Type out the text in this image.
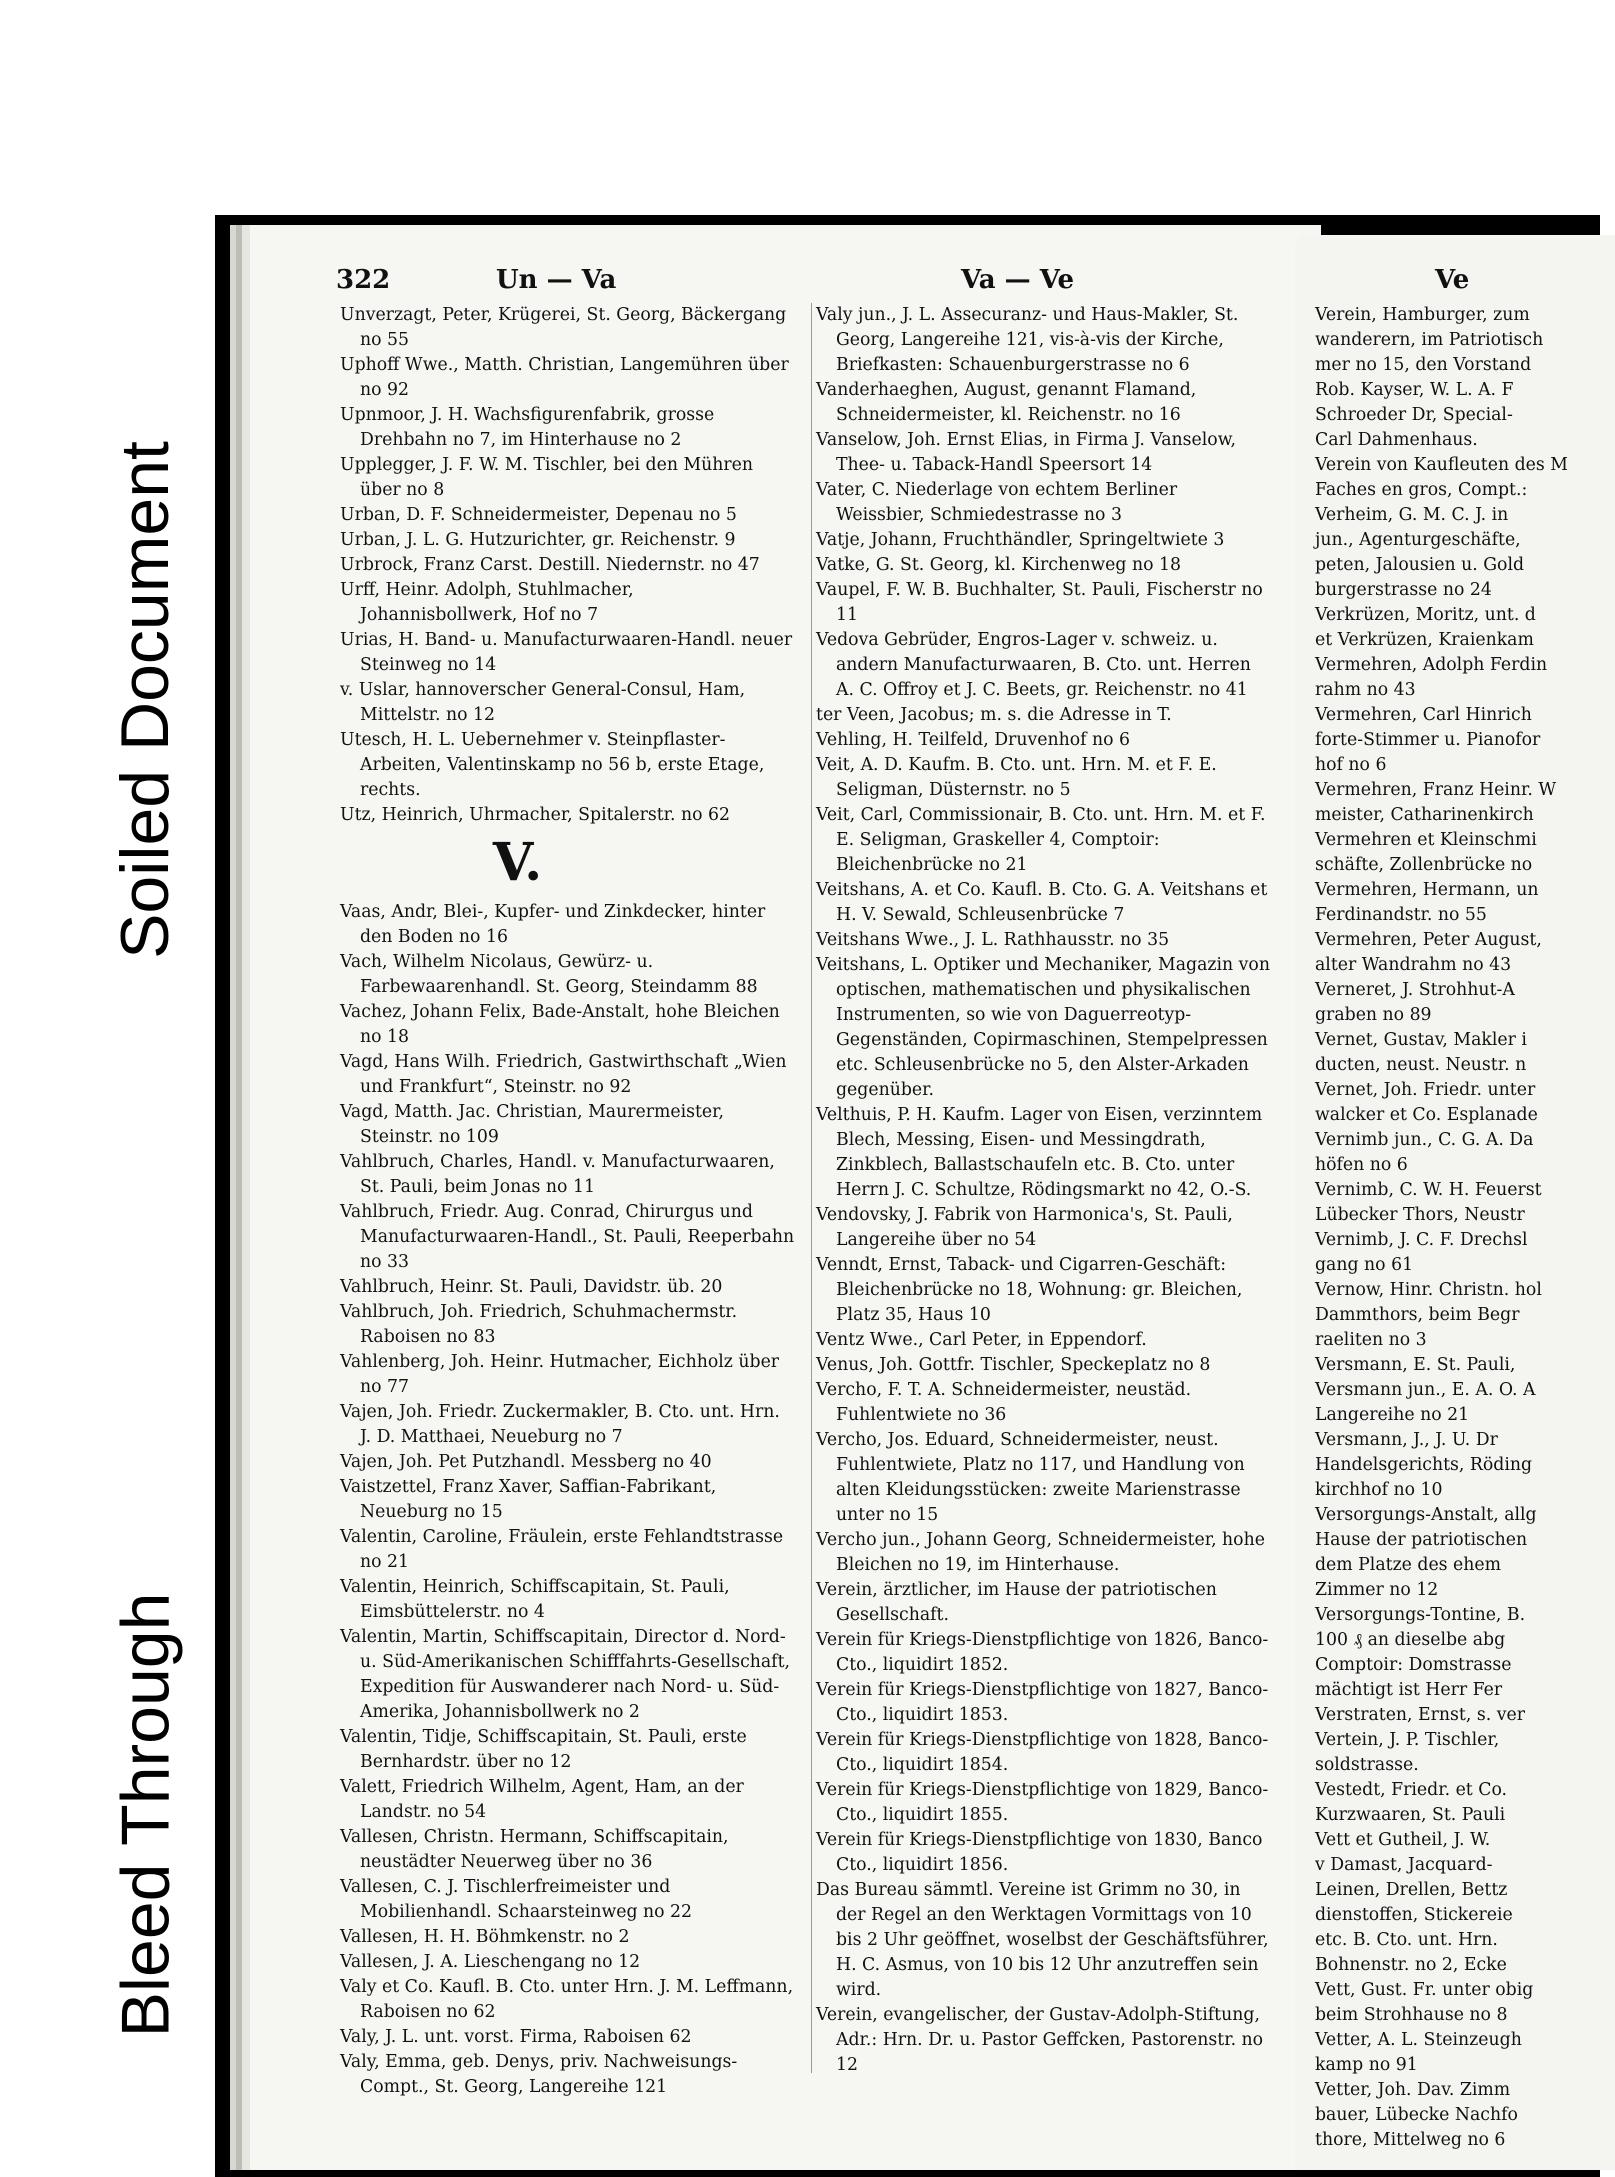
Soiled Document
Bleed Through
322	Un — Va	Va — Ve

Unverzagt, Peter, Krügerei, St. Georg, Bäckergang no 55

Uphoff Wwe., Matth. Christian, Langemühren über no 92

Upnmoor, J. H. Wachsfigurenfabrik, grosse Drehbahn no 7, im Hinterhause no 2

Upplegger, J. F. W. M. Tischler, bei den Mühren über no 8

Urban, D. F. Schneidermeister, Depenau no 5

Urban, J. L. G. Hutzurichter, gr. Reichenstr. 9

Urbrock, Franz Carst. Destill. Niedernstr. no 47

Urff, Heinr. Adolph, Stuhlmacher, Johannisbollwerk, Hof no 7

Urias, H. Band- u. Manufacturwaaren-Handl. neuer Steinweg no 14

v. Uslar, hannoverscher General-Consul, Ham, Mittelstr. no 12

Utesch, H. L. Uebernehmer v. Steinpflaster-Arbeiten, Valentinskamp no 56 b, erste Etage, rechts.

Utz, Heinrich, Uhrmacher, Spitalerstr. no 62

V.

Vaas, Andr, Blei-, Kupfer- und Zinkdecker, hinter den Boden no 16

Vach, Wilhelm Nicolaus, Gewürz- u. Farbewaarenhandl. St. Georg, Steindamm 88

Vachez, Johann Felix, Bade-Anstalt, hohe Bleichen no 18

Vagd, Hans Wilh. Friedrich, Gastwirthschaft „Wien und Frankfurt“, Steinstr. no 92

Vagd, Matth. Jac. Christian, Maurermeister, Steinstr. no 109

Vahlbruch, Charles, Handl. v. Manufacturwaaren, St. Pauli, beim Jonas no 11

Vahlbruch, Friedr. Aug. Conrad, Chirurgus und Manufacturwaaren-Handl., St. Pauli, Reeperbahn no 33

Vahlbruch, Heinr. St. Pauli, Davidstr. üb. 20

Vahlbruch, Joh. Friedrich, Schuhmachermstr. Raboisen no 83

Vahlenberg, Joh. Heinr. Hutmacher, Eichholz über no 77

Vajen, Joh. Friedr. Zuckermakler, B. Cto. unt. Hrn. J. D. Matthaei, Neueburg no 7

Vajen, Joh. Pet Putzhandl. Messberg no 40

Vaistzettel, Franz Xaver, Saffian-Fabrikant, Neueburg no 15

Valentin, Caroline, Fräulein, erste Fehlandtstrasse no 21

Valentin, Heinrich, Schiffscapitain, St. Pauli, Eimsbüttelerstr. no 4

Valentin, Martin, Schiffscapitain, Director d. Nord- u. Süd-Amerikanischen Schifffahrts-Gesellschaft, Expedition für Auswanderer nach Nord- u. Süd-Amerika, Johannisbollwerk no 2

Valentin, Tidje, Schiffscapitain, St. Pauli, erste Bernhardstr. über no 12

Valett, Friedrich Wilhelm, Agent, Ham, an der Landstr. no 54

Vallesen, Christn. Hermann, Schiffscapitain, neustädter Neuerweg über no 36

Vallesen, C. J. Tischlerfreimeister und Mobilienhandl. Schaarsteinweg no 22

Vallesen, H. H. Böhmkenstr. no 2

Vallesen, J. A. Lieschengang no 12

Valy et Co. Kaufl. B. Cto. unter Hrn. J. M. Leffmann, Raboisen no 62

Valy, J. L. unt. vorst. Firma, Raboisen 62

Valy, Emma, geb. Denys, priv. Nachweisungs-Compt., St. Georg, Langereihe 121

Valy jun., J. L. Assecuranz- und Haus-Makler, St. Georg, Langereihe 121, vis-à-vis der Kirche, Briefkasten: Schauenburgerstrasse no 6

Vanderhaeghen, August, genannt Flamand, Schneidermeister, kl. Reichenstr. no 16

Vanselow, Joh. Ernst Elias, in Firma J. Vanselow, Thee- u. Taback-Handl Speersort 14

Vater, C. Niederlage von echtem Berliner Weissbier, Schmiedestrasse no 3

Vatje, Johann, Fruchthändler, Springeltwiete 3

Vatke, G. St. Georg, kl. Kirchenweg no 18

Vaupel, F. W. B. Buchhalter, St. Pauli, Fischerstr no 11

Vedova Gebrüder, Engros-Lager v. schweiz. u. andern Manufacturwaaren, B. Cto. unt. Herren A. C. Offroy et J. C. Beets, gr. Reichenstr. no 41

ter Veen, Jacobus; m. s. die Adresse in T.

Vehling, H. Teilfeld, Druvenhof no 6

Veit, A. D. Kaufm. B. Cto. unt. Hrn. M. et F. E. Seligman, Düsternstr. no 5

Veit, Carl, Commissionair, B. Cto. unt. Hrn. M. et F. E. Seligman, Graskeller 4, Comptoir: Bleichenbrücke no 21

Veitshans, A. et Co. Kaufl. B. Cto. G. A. Veitshans et H. V. Sewald, Schleusenbrücke 7

Veitshans Wwe., J. L. Rathhausstr. no 35

Veitshans, L. Optiker und Mechaniker, Magazin von optischen, mathematischen und physikalischen Instrumenten, so wie von Daguerreotyp-Gegenständen, Copirmaschinen, Stempelpressen etc. Schleusenbrücke no 5, den Alster-Arkaden gegenüber.

Velthuis, P. H. Kaufm. Lager von Eisen, verzinntem Blech, Messing, Eisen- und Messingdrath, Zinkblech, Ballastschaufeln etc. B. Cto. unter Herrn J. C. Schultze, Rödingsmarkt no 42, O.-S.

Vendovsky, J. Fabrik von Harmonica's, St. Pauli, Langereihe über no 54

Venndt, Ernst, Taback- und Cigarren-Geschäft: Bleichenbrücke no 18, Wohnung: gr. Bleichen, Platz 35, Haus 10

Ventz Wwe., Carl Peter, in Eppendorf.

Venus, Joh. Gottfr. Tischler, Speckeplatz no 8

Vercho, F. T. A. Schneidermeister, neustäd. Fuhlentwiete no 36

Vercho, Jos. Eduard, Schneidermeister, neust. Fuhlentwiete, Platz no 117, und Handlung von alten Kleidungsstücken: zweite Marienstrasse unter no 15

Vercho jun., Johann Georg, Schneidermeister, hohe Bleichen no 19, im Hinterhause.

Verein, ärztlicher, im Hause der patriotischen Gesellschaft.

Verein für Kriegs-Dienstpflichtige von 1826, Banco-Cto., liquidirt 1852.

Verein für Kriegs-Dienstpflichtige von 1827, Banco-Cto., liquidirt 1853.

Verein für Kriegs-Dienstpflichtige von 1828, Banco-Cto., liquidirt 1854.

Verein für Kriegs-Dienstpflichtige von 1829, Banco-Cto., liquidirt 1855.

Verein für Kriegs-Dienstpflichtige von 1830, Banco Cto., liquidirt 1856.

Das Bureau sämmtl. Vereine ist Grimm no 30, in der Regel an den Werktagen Vormittags von 10 bis 2 Uhr geöffnet, woselbst der Geschäftsführer, H. C. Asmus, von 10 bis 12 Uhr anzutreffen sein wird.

Verein, evangelischer, der Gustav-Adolph-Stiftung, Adr.: Hrn. Dr. u. Pastor Geffcken, Pastorenstr. no 12

Ve

Verein, Hamburger, zum

wanderern, im Patriotisch

mer no 15, den Vorstand

Rob. Kayser, W. L. A. F

Schroeder Dr, Special-

Carl Dahmenhaus.

Verein von Kaufleuten des M

Faches en gros, Compt.:

Verheim, G. M. C. J. in

jun., Agenturgeschäfte,

peten, Jalousien u. Gold

burgerstrasse no 24

Verkrüzen, Moritz, unt. d

et Verkrüzen, Kraienkam

Vermehren, Adolph Ferdin

rahm no 43

Vermehren, Carl Hinrich

forte-Stimmer u. Pianofor

hof no 6

Vermehren, Franz Heinr. W

meister, Catharinenkirch

Vermehren et Kleinschmi

schäfte, Zollenbrücke no

Vermehren, Hermann, un

Ferdinandstr. no 55

Vermehren, Peter August,

alter Wandrahm no 43

Verneret, J. Strohhut-A

graben no 89

Vernet, Gustav, Makler i

ducten, neust. Neustr. n

Vernet, Joh. Friedr. unter

walcker et Co. Esplanade

Vernimb jun., C. G. A. Da

höfen no 6

Vernimb, C. W. H. Feuerst

Lübecker Thors, Neustr

Vernimb, J. C. F. Drechsl

gang no 61

Vernow, Hinr. Christn. hol

Dammthors, beim Begr

raeliten no 3

Versmann, E. St. Pauli,

Versmann jun., E. A. O. A

Langereihe no 21

Versmann, J., J. U. Dr

Handelsgerichts, Röding

kirchhof no 10

Versorgungs-Anstalt, allg

Hause der patriotischen

dem Platze des ehem

Zimmer no 12

Versorgungs-Tontine, B.

100 ₰ an dieselbe abg

Comptoir: Domstrasse

mächtigt ist Herr Fer

Verstraten, Ernst, s. ver

Vertein, J. P. Tischler,

soldstrasse.

Vestedt, Friedr. et Co.

Kurzwaaren, St. Pauli

Vett et Gutheil, J. W.

v Damast, Jacquard-

Leinen, Drellen, Bettz

dienstoffen, Stickereie

etc. B. Cto. unt. Hrn.

Bohnenstr. no 2, Ecke

Vett, Gust. Fr. unter obig

beim Strohhause no 8

Vetter, A. L. Steinzeugh

kamp no 91

Vetter, Joh. Dav. Zimm

bauer, Lübecke Nachfo

thore, Mittelweg no 6
